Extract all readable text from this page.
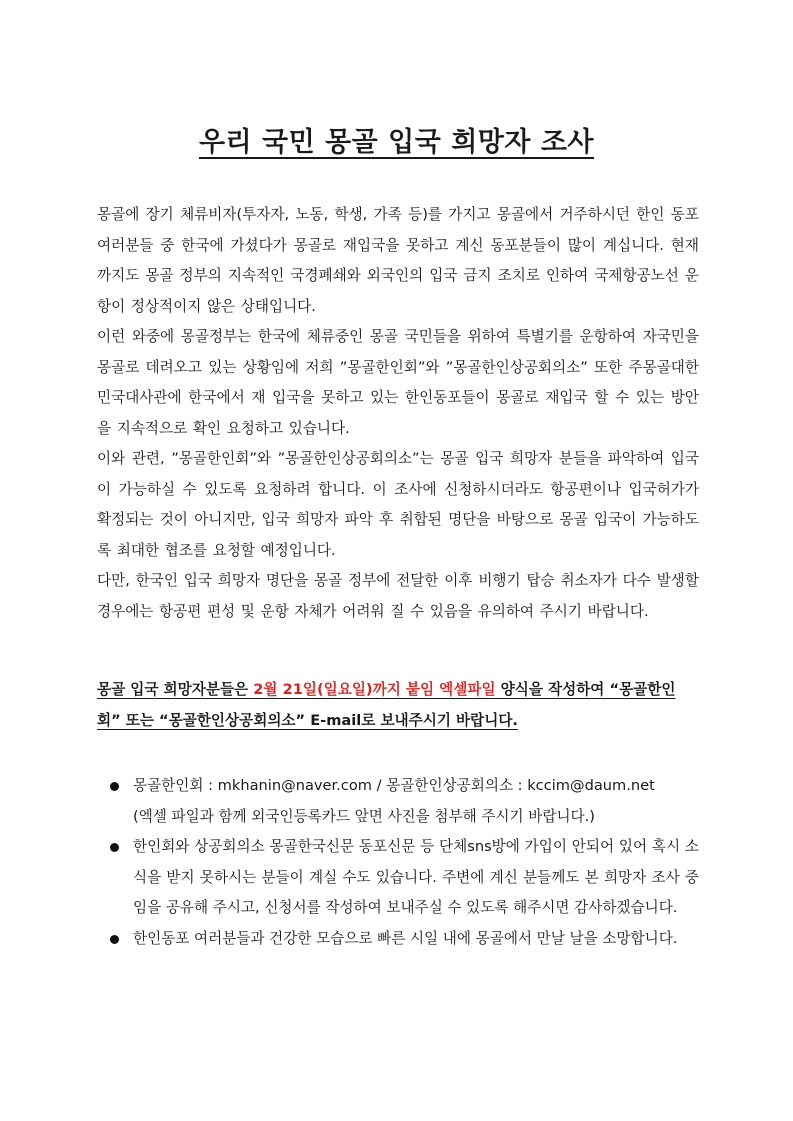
우리 국민 몽골 입국 희망자 조사

몽골에 장기 체류비자(투자자, 노동, 학생, 가족 등)를 가지고 몽골에서 거주하시던 한인 동포 여러분들 중 한국에 가셨다가 몽골로 재입국을 못하고 계신 동포분들이 많이 계십니다. 현재까지도 몽골 정부의 지속적인 국경폐쇄와 외국인의 입국 금지 조치로 인하여 국제항공노선 운항이 정상적이지 않은 상태입니다.

이런 와중에 몽골정부는 한국에 체류중인 몽골 국민들을 위하여 특별기를 운항하여 자국민을 몽골로 데려오고 있는 상황임에 저희 ”몽골한인회”와 ”몽골한인상공회의소” 또한 주몽골대한민국대사관에 한국에서 재 입국을 못하고 있는 한인동포들이 몽골로 재입국 할 수 있는 방안을 지속적으로 확인 요청하고 있습니다.

이와 관련, ”몽골한인회”와 ”몽골한인상공회의소”는 몽골 입국 희망자 분들을 파악하여 입국이 가능하실 수 있도록 요청하려 합니다. 이 조사에 신청하시더라도 항공편이나 입국허가가 확정되는 것이 아니지만, 입국 희망자 파악 후 취합된 명단을 바탕으로 몽골 입국이 가능하도록 최대한 협조를 요청할 예정입니다.

다만, 한국인 입국 희망자 명단을 몽골 정부에 전달한 이후 비행기 탑승 취소자가 다수 발생할 경우에는 항공편 편성 및 운항 자체가 어려워 질 수 있음을 유의하여 주시기 바랍니다.

몽골 입국 희망자분들은 2월 21일(일요일)까지 붙임 엑셀파일 양식을 작성하여 “몽골한인회” 또는 “몽골한인상공회의소” E-mail로 보내주시기 바랍니다.

몽골한인회 : mkhanin@naver.com / 몽골한인상공회의소 : kccim@daum.net
(엑셀 파일과 함께 외국인등록카드 앞면 사진을 첨부해 주시기 바랍니다.)
한인회와 상공회의소 몽골한국신문 동포신문 등 단체sns방에 가입이 안되어 있어 혹시 소식을 받지 못하시는 분들이 계실 수도 있습니다. 주변에 계신 분들께도 본 희망자 조사 중임을 공유해 주시고, 신청서를 작성하여 보내주실 수 있도록 해주시면 감사하겠습니다.
한인동포 여러분들과 건강한 모습으로 빠른 시일 내에 몽골에서 만날 날을 소망합니다.
